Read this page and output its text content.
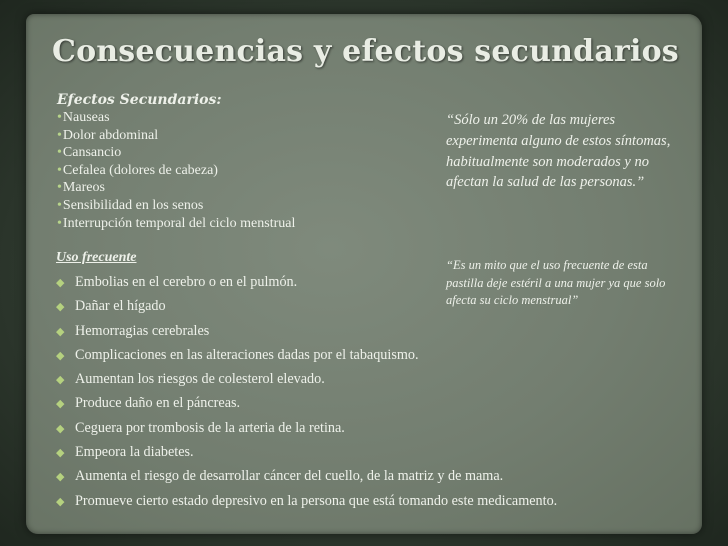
Consecuencias y efectos secundarios
Efectos Secundarios:
•Nauseas
•Dolor abdominal
•Cansancio
•Cefalea (dolores de cabeza)
•Mareos
•Sensibilidad en los senos
•Interrupción temporal del ciclo menstrual
Uso frecuente
◆ Embolias en el cerebro o en el pulmón.
◆ Dañar el hígado
◆ Hemorragias cerebrales
◆ Complicaciones en las alteraciones dadas por el tabaquismo.
◆ Aumentan los riesgos de colesterol elevado.
◆ Produce daño en el páncreas.
◆ Ceguera por trombosis de la arteria de la retina.
◆ Empeora la diabetes.
◆ Aumenta el riesgo de desarrollar cáncer del cuello, de la matriz y de mama.
◆ Promueve cierto estado depresivo en la persona que está tomando este medicamento.
“Sólo un 20% de las mujeres experimenta alguno de estos síntomas, habitualmente son moderados y no afectan la salud de las personas.”
“Es un mito que el uso frecuente de esta pastilla deje estéril a una mujer ya que solo afecta su ciclo menstrual”
